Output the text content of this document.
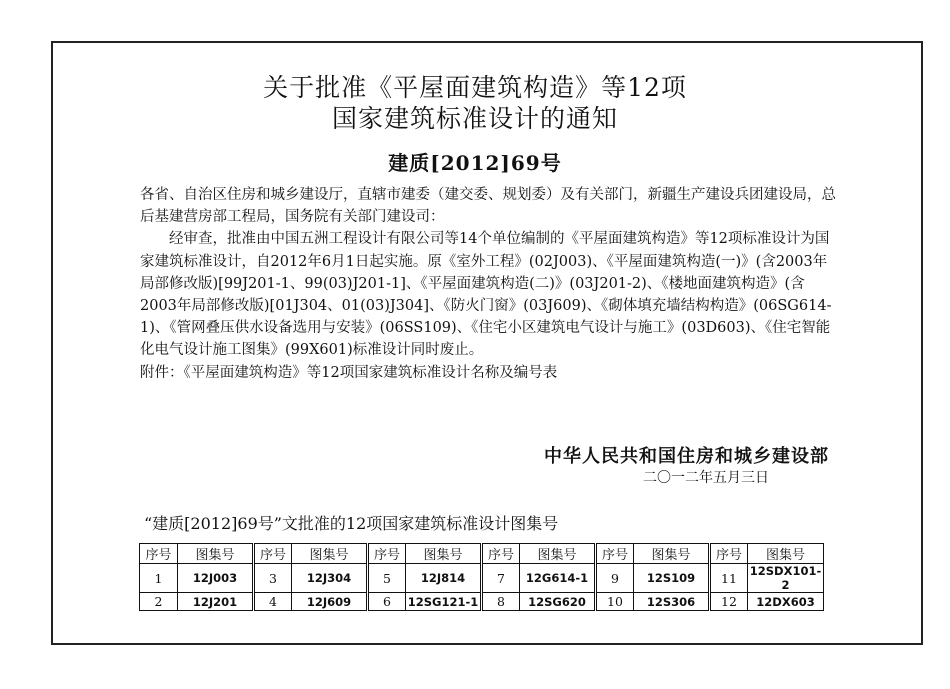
关于批准《平屋面建筑构造》等12项
国家建筑标准设计的通知
建质[2012]69号

各省、自治区住房和城乡建设厅，直辖市建委（建交委、规划委）及有关部门，新疆生产建设兵团建设局，总后基建营房部工程局，国务院有关部门建设司：

经审查，批准由中国五洲工程设计有限公司等14个单位编制的《平屋面建筑构造》等12项标准设计为国家建筑标准设计，自2012年6月1日起实施。原《室外工程》(02J003)、《平屋面建筑构造(一)》(含2003年局部修改版)[99J201-1、99(03)J201-1]、《平屋面建筑构造(二)》(03J201-2)、《楼地面建筑构造》(含2003年局部修改版)[01J304、01(03)J304]、《防火门窗》(03J609)、《砌体填充墙结构构造》(06SG614-1)、《管网叠压供水设备选用与安装》(06SS109)、《住宅小区建筑电气设计与施工》(03D603)、《住宅智能化电气设计施工图集》(99X601)标准设计同时废止。

附件：《平屋面建筑构造》等12项国家建筑标准设计名称及编号表

中华人民共和国住房和城乡建设部
二〇一二年五月三日
“建质[2012]69号”文批准的12项国家建筑标准设计图集号
序号	图集号	序号	图集号	序号	图集号	序号	图集号	序号	图集号	序号	图集号
1	12J003	3	12J304	5	12J814	7	12G614-1	9	12S109	11	12SDX101-2
2	12J201	4	12J609	6	12SG121-1	8	12SG620	10	12S306	12	12DX603
